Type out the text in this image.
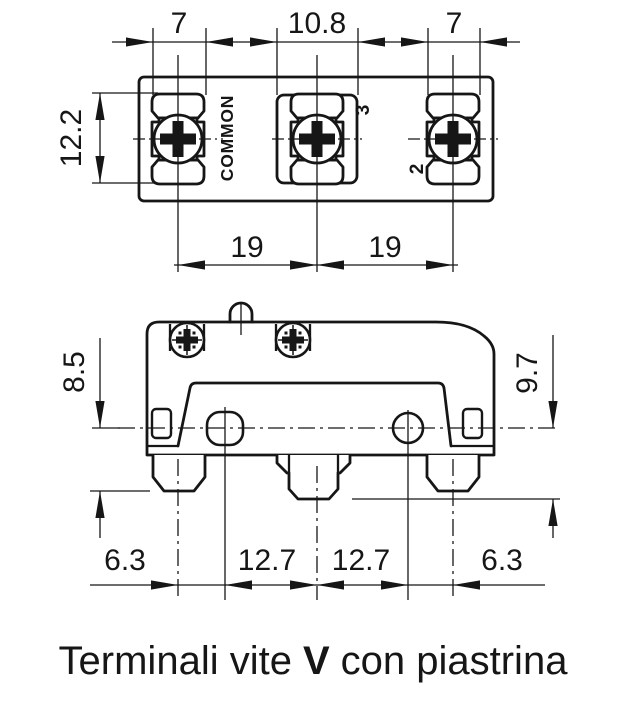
7	10.8	7
12.2
19	19
COMMON	3
2
8.5	9.7
6.3	12.7 12.7	6.3
Terminali vite V con piastrina
